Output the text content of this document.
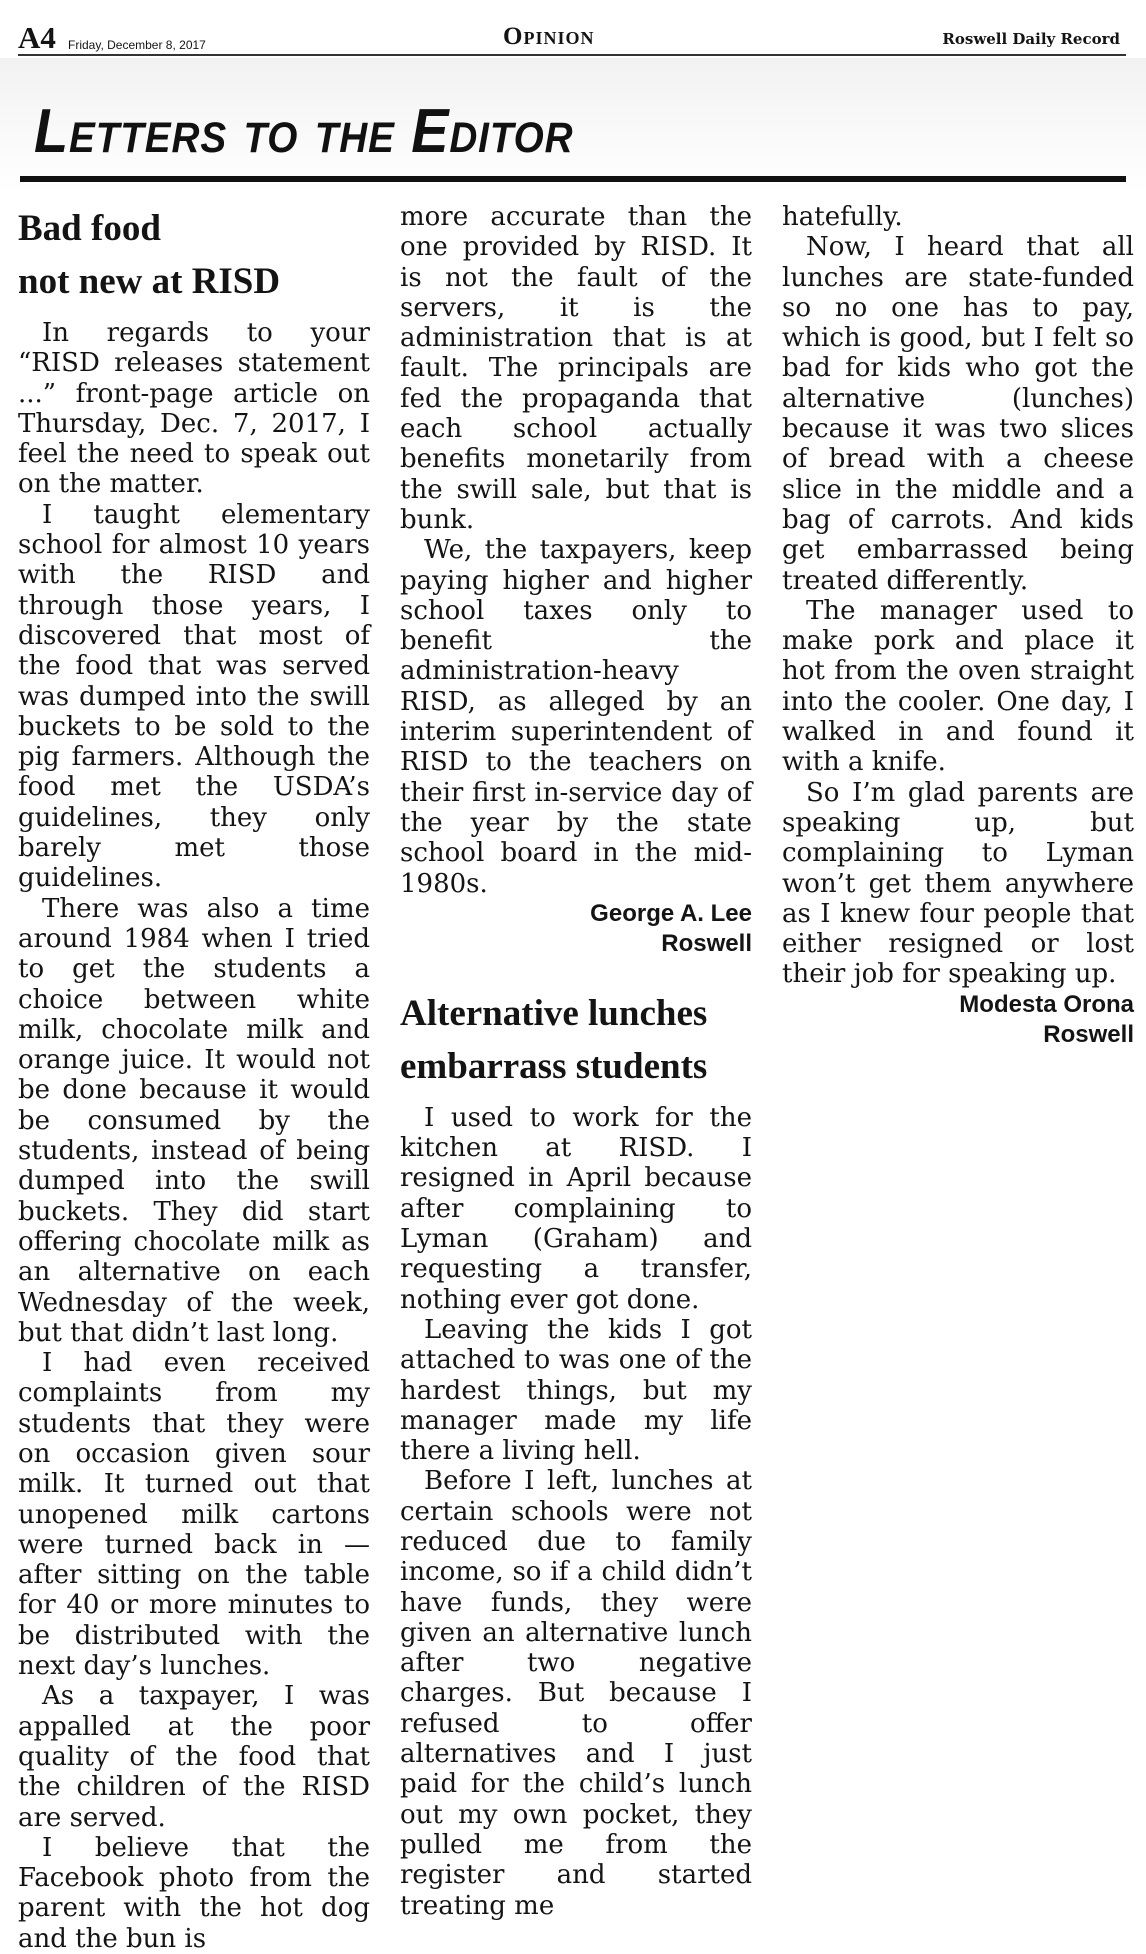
A4 Friday, December 8, 2017	Opinion	Roswell Daily Record
Letters to the Editor
Bad food
not new at RISD

In regards to your “RISD releases statement ...” front-page article on Thursday, Dec. 7, 2017, I feel the need to speak out on the matter.

I taught elementary school for almost 10 years with the RISD and through those years, I discovered that most of the food that was served was dumped into the swill buckets to be sold to the pig farmers. Although the food met the USDA’s guidelines, they only barely met those guidelines.

There was also a time around 1984 when I tried to get the students a choice between white milk, chocolate milk and orange juice. It would not be done because it would be consumed by the students, instead of being dumped into the swill buckets. They did start offering chocolate milk as an alternative on each Wednesday of the week, but that didn’t last long.

I had even received complaints from my students that they were on occasion given sour milk. It turned out that unopened milk cartons were turned back in — after sitting on the table for 40 or more minutes to be distributed with the next day’s lunches.

As a taxpayer, I was appalled at the poor quality of the food that the children of the RISD are served.

I believe that the Facebook photo from the parent with the hot dog and the bun is

more accurate than the one provided by RISD. It is not the fault of the servers, it is the administration that is at fault. The principals are fed the propaganda that each school actually benefits monetarily from the swill sale, but that is bunk.

We, the taxpayers, keep paying higher and higher school taxes only to benefit the administration-heavy RISD, as alleged by an interim superintendent of RISD to the teachers on their first in-service day of the year by the state school board in the mid-1980s.

George A. Lee

Roswell

Alternative lunches
embarrass students

I used to work for the kitchen at RISD. I resigned in April because after complaining to Lyman (Graham) and requesting a transfer, nothing ever got done.

Leaving the kids I got attached to was one of the hardest things, but my manager made my life there a living hell.

Before I left, lunches at certain schools were not reduced due to family income, so if a child didn’t have funds, they were given an alternative lunch after two negative charges. But because I refused to offer alternatives and I just paid for the child’s lunch out my own pocket, they pulled me from the register and started treating me

hatefully.

Now, I heard that all lunches are state-funded so no one has to pay, which is good, but I felt so bad for kids who got the alternative (lunches) because it was two slices of bread with a cheese slice in the middle and a bag of carrots. And kids get embarrassed being treated differently.

The manager used to make pork and place it hot from the oven straight into the cooler. One day, I walked in and found it with a knife.

So I’m glad parents are speaking up, but complaining to Lyman won’t get them anywhere as I knew four people that either resigned or lost their job for speaking up.

Modesta Orona

Roswell
